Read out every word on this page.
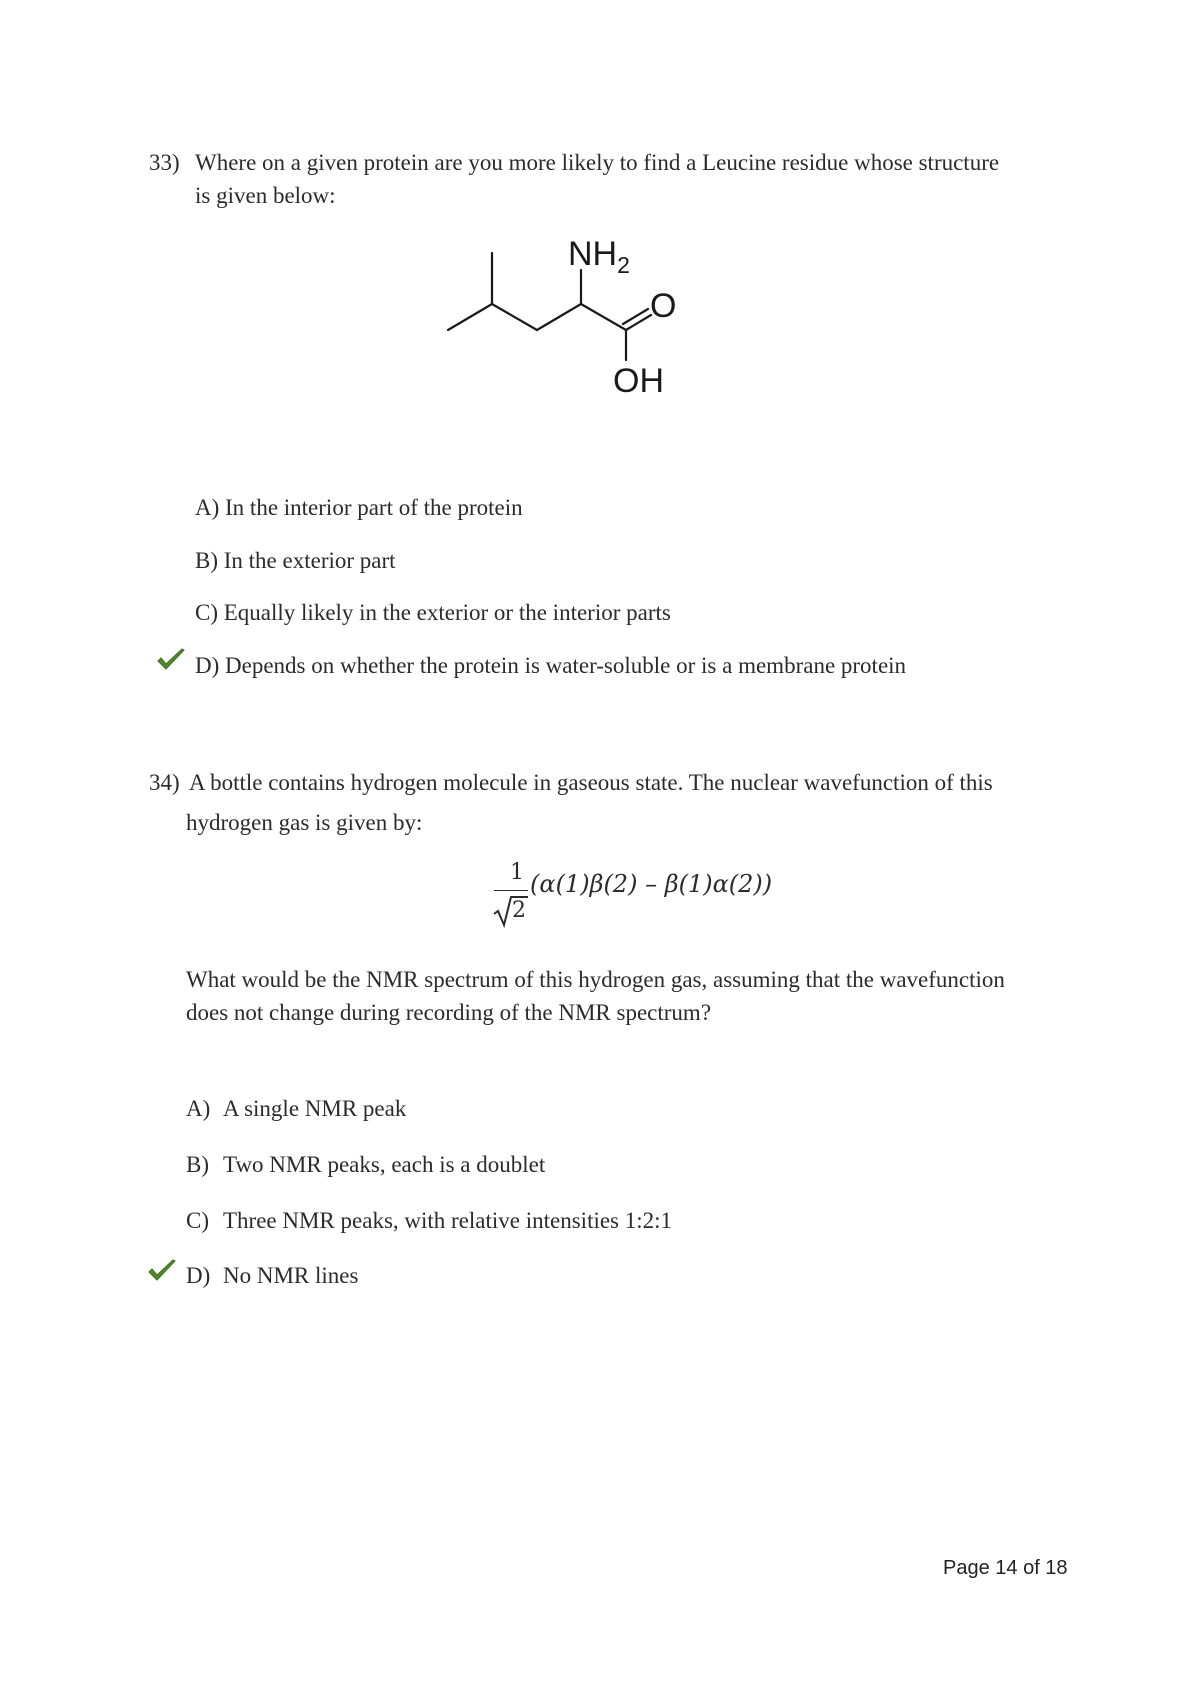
33) Where on a given protein are you more likely to find a Leucine residue whose structure
is given below:
$NH_2$
O
OH
A) In the interior part of the protein
B) In the exterior part
C) Equally likely in the exterior or the interior parts
D) Depends on whether the protein is water-soluble or is a membrane protein
34) A bottle contains hydrogen molecule in gaseous state. The nuclear wavefunction of this
hydrogen gas is given by:
1
2
(α(1)β(2) – β(1)α(2))
What would be the NMR spectrum of this hydrogen gas, assuming that the wavefunction
does not change during recording of the NMR spectrum?
A) A single NMR peak
B) Two NMR peaks, each is a doublet
C) Three NMR peaks, with relative intensities 1:2:1
D) No NMR lines
Page 14 of 18
